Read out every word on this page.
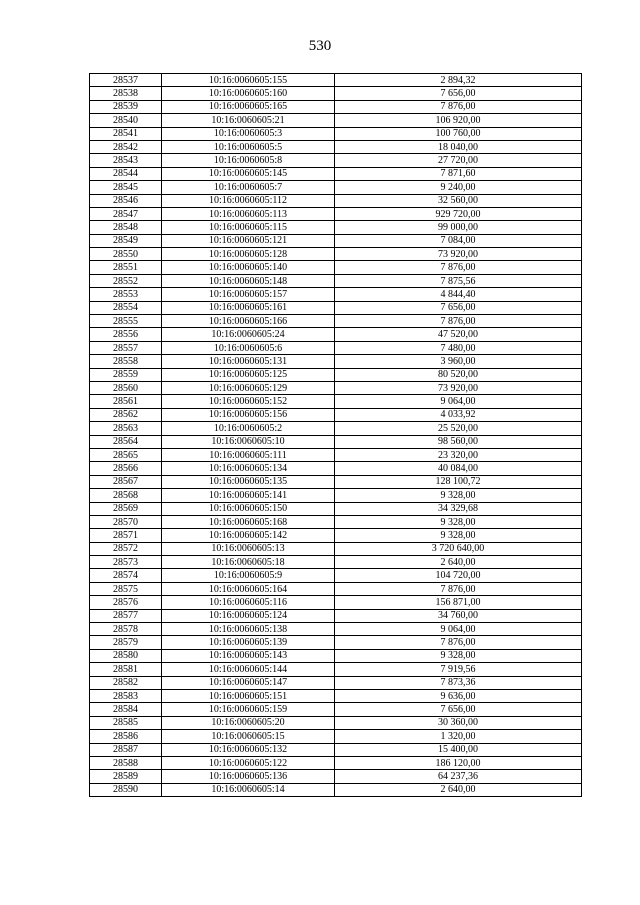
530
28537	10:16:0060605:155	2 894,32
28538	10:16:0060605:160	7 656,00
28539	10:16:0060605:165	7 876,00
28540	10:16:0060605:21	106 920,00
28541	10:16:0060605:3	100 760,00
28542	10:16:0060605:5	18 040,00
28543	10:16:0060605:8	27 720,00
28544	10:16:0060605:145	7 871,60
28545	10:16:0060605:7	9 240,00
28546	10:16:0060605:112	32 560,00
28547	10:16:0060605:113	929 720,00
28548	10:16:0060605:115	99 000,00
28549	10:16:0060605:121	7 084,00
28550	10:16:0060605:128	73 920,00
28551	10:16:0060605:140	7 876,00
28552	10:16:0060605:148	7 875,56
28553	10:16:0060605:157	4 844,40
28554	10:16:0060605:161	7 656,00
28555	10:16:0060605:166	7 876,00
28556	10:16:0060605:24	47 520,00
28557	10:16:0060605:6	7 480,00
28558	10:16:0060605:131	3 960,00
28559	10:16:0060605:125	80 520,00
28560	10:16:0060605:129	73 920,00
28561	10:16:0060605:152	9 064,00
28562	10:16:0060605:156	4 033,92
28563	10:16:0060605:2	25 520,00
28564	10:16:0060605:10	98 560,00
28565	10:16:0060605:111	23 320,00
28566	10:16:0060605:134	40 084,00
28567	10:16:0060605:135	128 100,72
28568	10:16:0060605:141	9 328,00
28569	10:16:0060605:150	34 329,68
28570	10:16:0060605:168	9 328,00
28571	10:16:0060605:142	9 328,00
28572	10:16:0060605:13	3 720 640,00
28573	10:16:0060605:18	2 640,00
28574	10:16:0060605:9	104 720,00
28575	10:16:0060605:164	7 876,00
28576	10:16:0060605:116	156 871,00
28577	10:16:0060605:124	34 760,00
28578	10:16:0060605:138	9 064,00
28579	10:16:0060605:139	7 876,00
28580	10:16:0060605:143	9 328,00
28581	10:16:0060605:144	7 919,56
28582	10:16:0060605:147	7 873,36
28583	10:16:0060605:151	9 636,00
28584	10:16:0060605:159	7 656,00
28585	10:16:0060605:20	30 360,00
28586	10:16:0060605:15	1 320,00
28587	10:16:0060605:132	15 400,00
28588	10:16:0060605:122	186 120,00
28589	10:16:0060605:136	64 237,36
28590	10:16:0060605:14	2 640,00
